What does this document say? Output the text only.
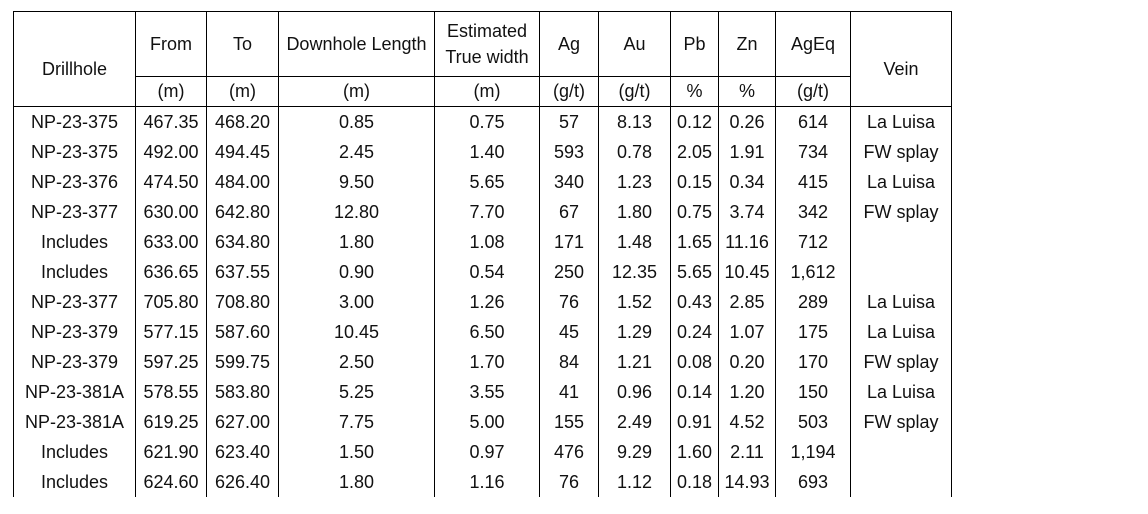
Drillhole	From	To	Downhole Length	Estimated
True width	Ag	Au	Pb	Zn	AgEq	Vein
	(m)	(m)	(m)	(m)	(g/t)	(g/t)	%	%	(g/t)	
NP-23-375	467.35	468.20	0.85	0.75	57	8.13	0.12	0.26	614	La Luisa
NP-23-375	492.00	494.45	2.45	1.40	593	0.78	2.05	1.91	734	FW splay
NP-23-376	474.50	484.00	9.50	5.65	340	1.23	0.15	0.34	415	La Luisa
NP-23-377	630.00	642.80	12.80	7.70	67	1.80	0.75	3.74	342	FW splay
Includes	633.00	634.80	1.80	1.08	171	1.48	1.65	11.16	712	
Includes	636.65	637.55	0.90	0.54	250	12.35	5.65	10.45	1,612	
NP-23-377	705.80	708.80	3.00	1.26	76	1.52	0.43	2.85	289	La Luisa
NP-23-379	577.15	587.60	10.45	6.50	45	1.29	0.24	1.07	175	La Luisa
NP-23-379	597.25	599.75	2.50	1.70	84	1.21	0.08	0.20	170	FW splay
NP-23-381A	578.55	583.80	5.25	3.55	41	0.96	0.14	1.20	150	La Luisa
NP-23-381A	619.25	627.00	7.75	5.00	155	2.49	0.91	4.52	503	FW splay
Includes	621.90	623.40	1.50	0.97	476	9.29	1.60	2.11	1,194	
Includes	624.60	626.40	1.80	1.16	76	1.12	0.18	14.93	693	
